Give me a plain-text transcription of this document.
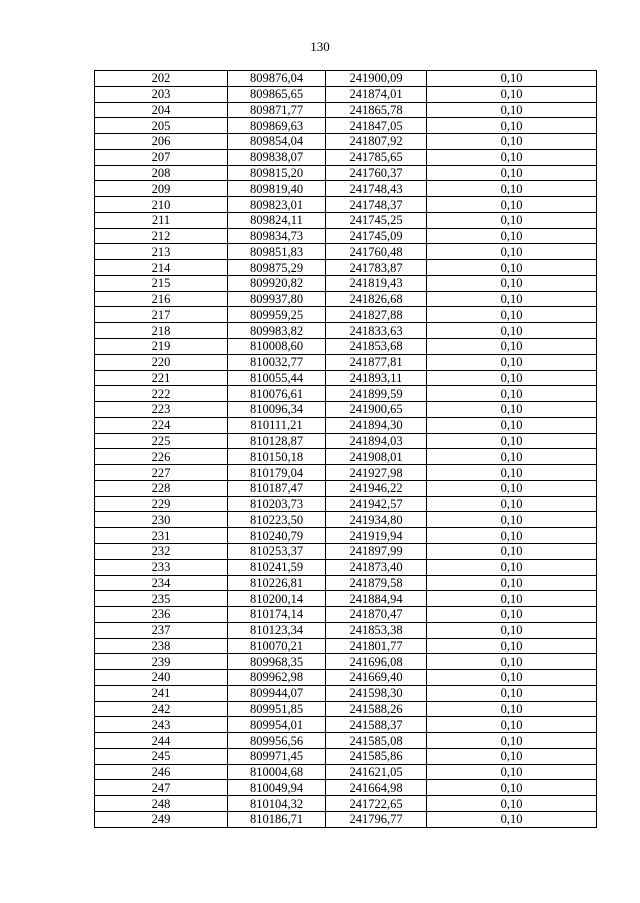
130
202	809876,04	241900,09	0,10
203	809865,65	241874,01	0,10
204	809871,77	241865,78	0,10
205	809869,63	241847,05	0,10
206	809854,04	241807,92	0,10
207	809838,07	241785,65	0,10
208	809815,20	241760,37	0,10
209	809819,40	241748,43	0,10
210	809823,01	241748,37	0,10
211	809824,11	241745,25	0,10
212	809834,73	241745,09	0,10
213	809851,83	241760,48	0,10
214	809875,29	241783,87	0,10
215	809920,82	241819,43	0,10
216	809937,80	241826,68	0,10
217	809959,25	241827,88	0,10
218	809983,82	241833,63	0,10
219	810008,60	241853,68	0,10
220	810032,77	241877,81	0,10
221	810055,44	241893,11	0,10
222	810076,61	241899,59	0,10
223	810096,34	241900,65	0,10
224	810111,21	241894,30	0,10
225	810128,87	241894,03	0,10
226	810150,18	241908,01	0,10
227	810179,04	241927,98	0,10
228	810187,47	241946,22	0,10
229	810203,73	241942,57	0,10
230	810223,50	241934,80	0,10
231	810240,79	241919,94	0,10
232	810253,37	241897,99	0,10
233	810241,59	241873,40	0,10
234	810226,81	241879,58	0,10
235	810200,14	241884,94	0,10
236	810174,14	241870,47	0,10
237	810123,34	241853,38	0,10
238	810070,21	241801,77	0,10
239	809968,35	241696,08	0,10
240	809962,98	241669,40	0,10
241	809944,07	241598,30	0,10
242	809951,85	241588,26	0,10
243	809954,01	241588,37	0,10
244	809956,56	241585,08	0,10
245	809971,45	241585,86	0,10
246	810004,68	241621,05	0,10
247	810049,94	241664,98	0,10
248	810104,32	241722,65	0,10
249	810186,71	241796,77	0,10
